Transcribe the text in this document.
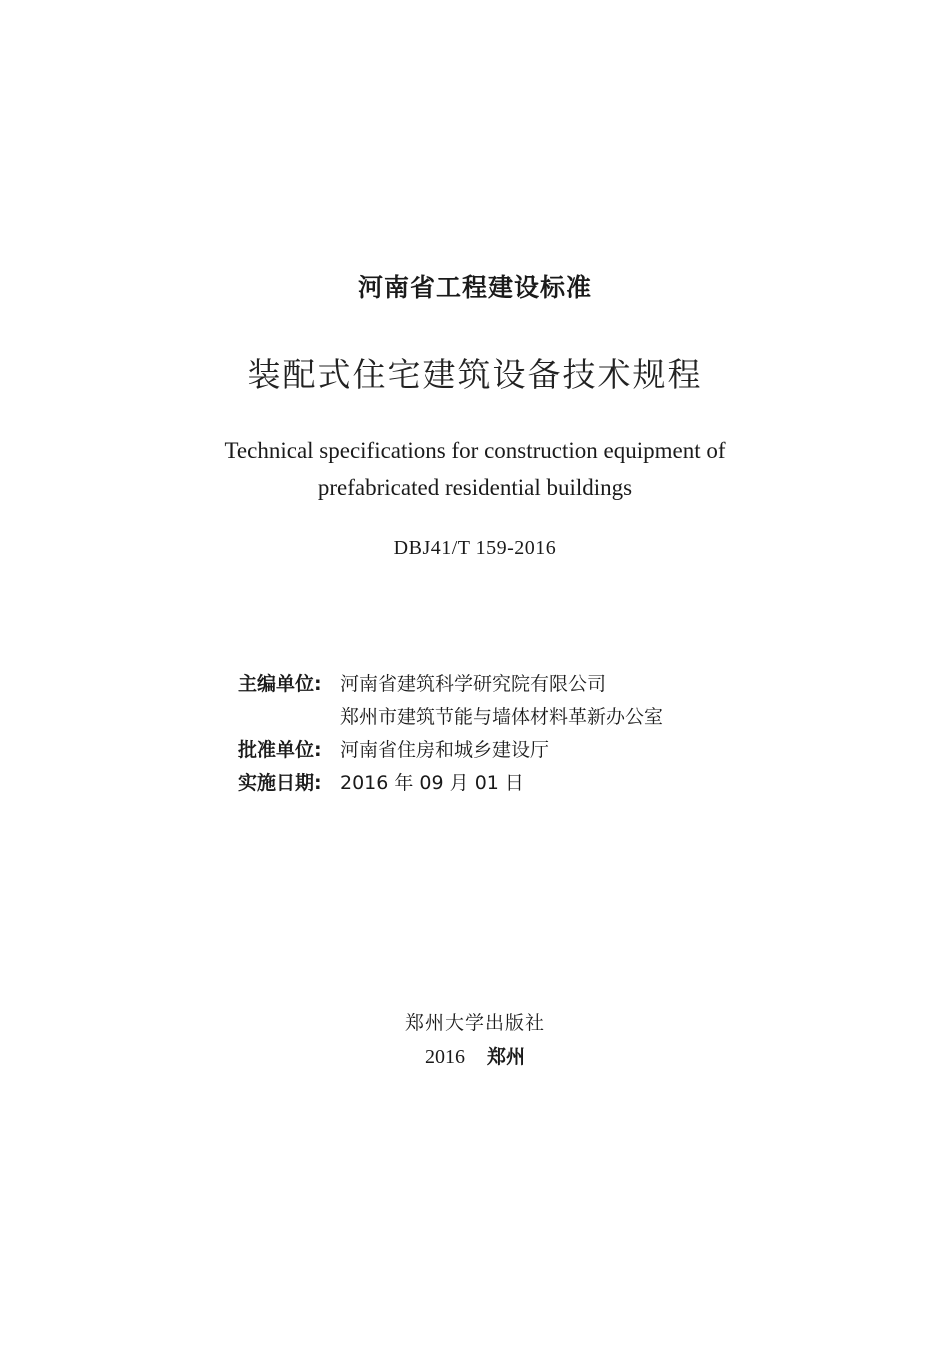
河南省工程建设标准
装配式住宅建筑设备技术规程
Technical specifications for construction equipment of
prefabricated residential buildings
DBJ41/T 159-2016
主编单位: 河南省建筑科学研究院有限公司
郑州市建筑节能与墙体材料革新办公室
批准单位: 河南省住房和城乡建设厅
实施日期: 2016 年 09 月 01 日
郑州大学出版社
2016 郑州
